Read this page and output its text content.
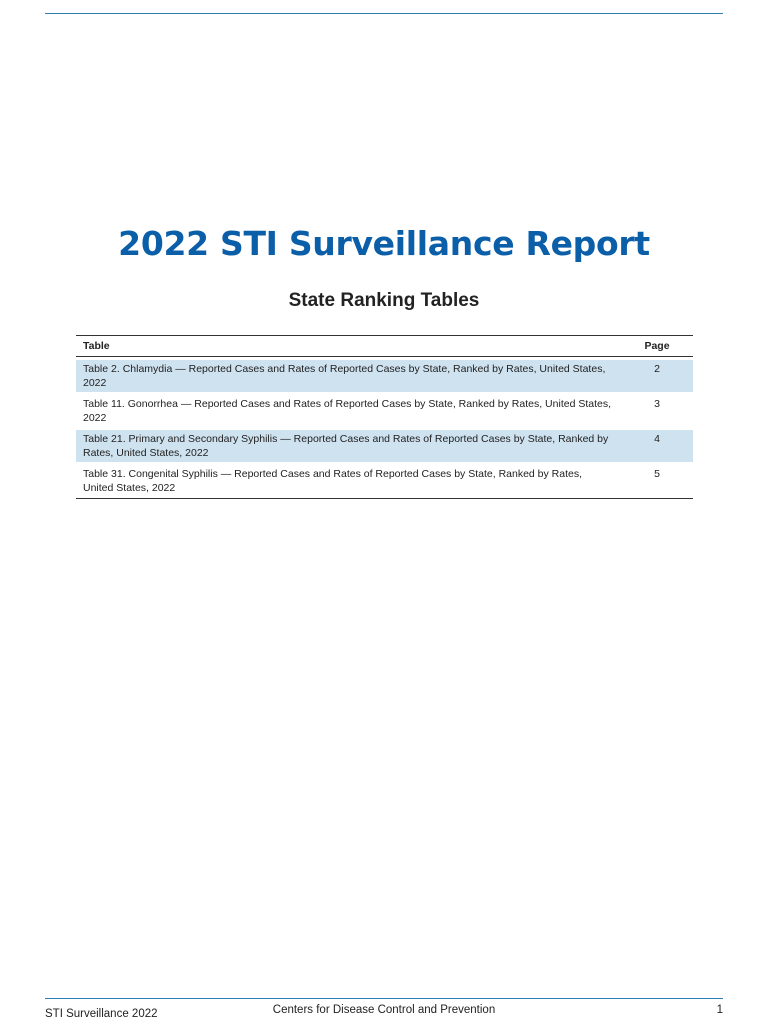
2022 STI Surveillance Report
State Ranking Tables
Table	Page

Table 2. Chlamydia — Reported Cases and Rates of Reported Cases by State, Ranked by Rates, United States, 2022	2

Table 11. Gonorrhea — Reported Cases and Rates of Reported Cases by State, Ranked by Rates, United States, 2022	3

Table 21. Primary and Secondary Syphilis — Reported Cases and Rates of Reported Cases by State, Ranked by Rates, United States, 2022	4

Table 31. Congenital Syphilis — Reported Cases and Rates of Reported Cases by State, Ranked by Rates, United States, 2022	5
STI Surveillance 2022	Centers for Disease Control and Prevention	1
